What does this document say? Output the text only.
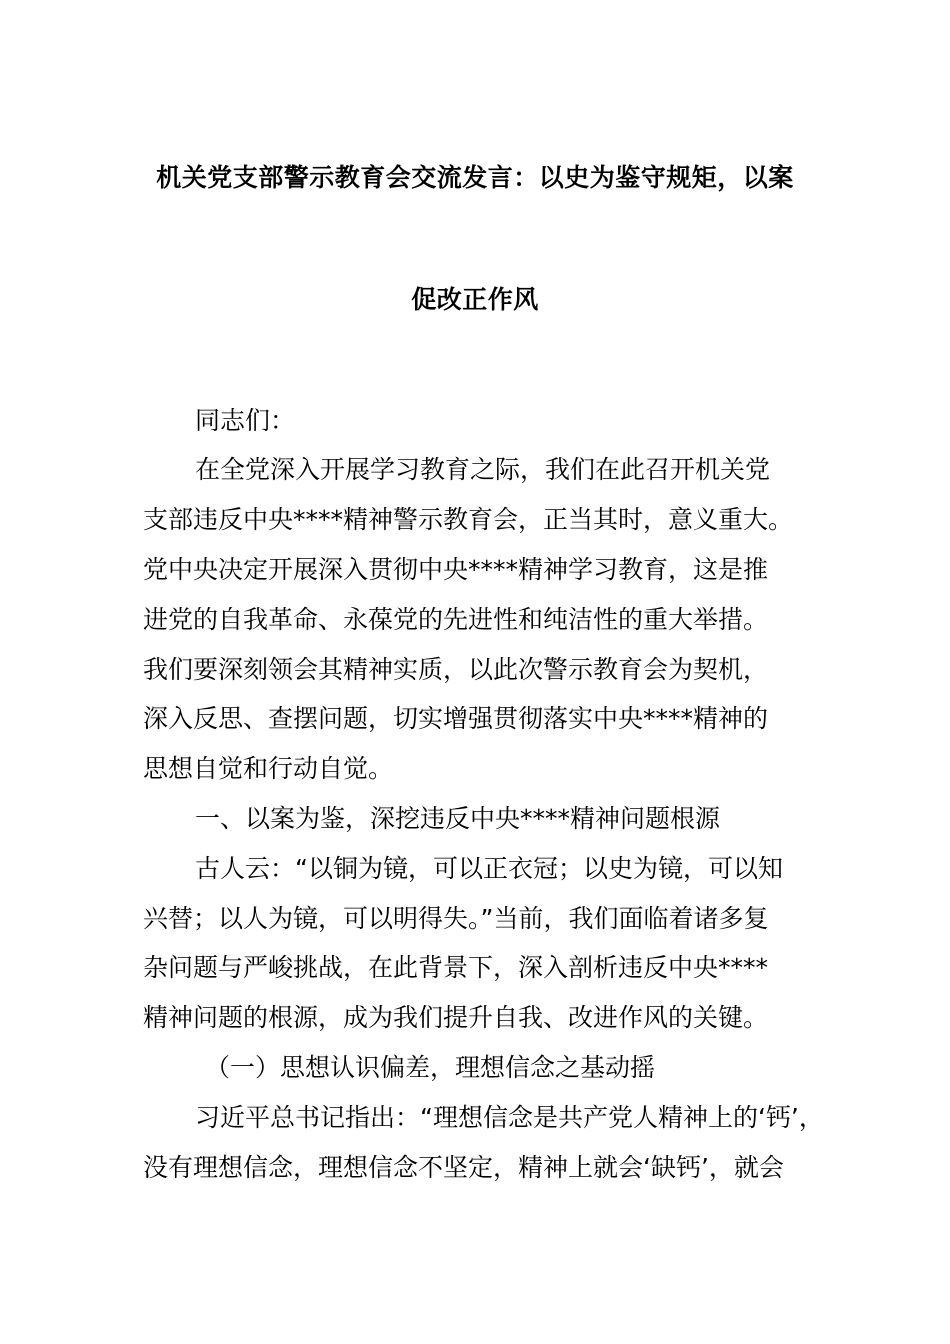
机关党支部警示教育会交流发言：以史为鉴守规矩，以案
促改正作风
同志们：
在全党深入开展学习教育之际，我们在此召开机关党
支部违反中央****精神警示教育会，正当其时，意义重大。
党中央决定开展深入贯彻中央****精神学习教育，这是推
进党的自我革命、永葆党的先进性和纯洁性的重大举措。
我们要深刻领会其精神实质，以此次警示教育会为契机，
深入反思、查摆问题，切实增强贯彻落实中央****精神的
思想自觉和行动自觉。
一、以案为鉴，深挖违反中央****精神问题根源
古人云：“以铜为镜，可以正衣冠；以史为镜，可以知
兴替；以人为镜，可以明得失。”当前，我们面临着诸多复
杂问题与严峻挑战，在此背景下，深入剖析违反中央****
精神问题的根源，成为我们提升自我、改进作风的关键。
（一）思想认识偏差，理想信念之基动摇
习近平总书记指出：“理想信念是共产党人精神上的‘钙’，
没有理想信念，理想信念不坚定，精神上就会‘缺钙’，就会
